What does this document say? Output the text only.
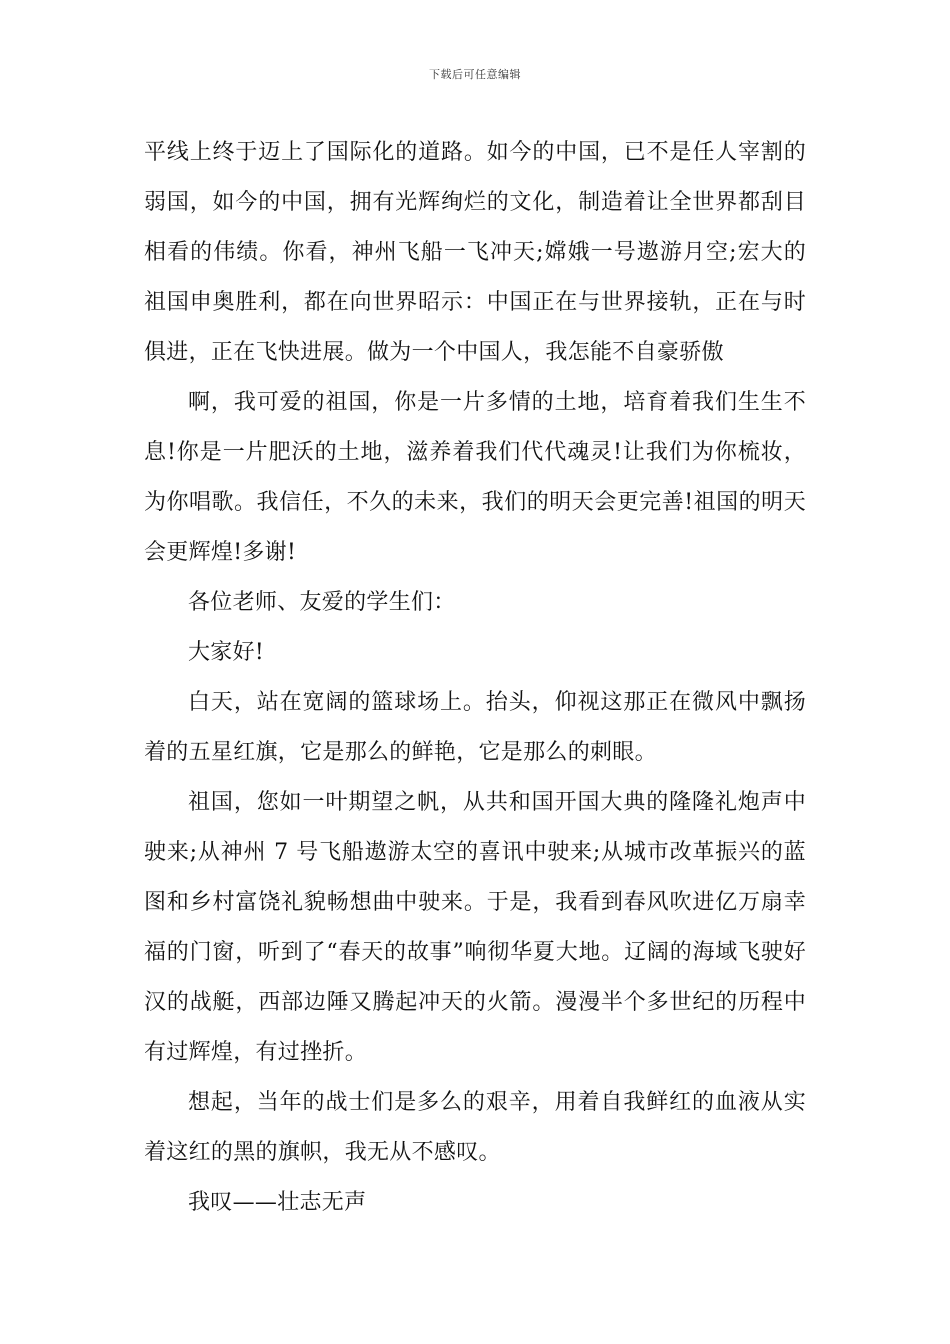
下载后可任意编辑

平线上终于迈上了国际化的道路。如今的中国，已不是任人宰割的弱国，如今的中国，拥有光辉绚烂的文化，制造着让全世界都刮目相看的伟绩。你看，神州飞船一飞冲天;嫦娥一号遨游月空;宏大的祖国申奥胜利，都在向世界昭示：中国正在与世界接轨，正在与时俱进，正在飞快进展。做为一个中国人，我怎能不自豪骄傲

啊，我可爱的祖国，你是一片多情的土地，培育着我们生生不息!你是一片肥沃的土地，滋养着我们代代魂灵!让我们为你梳妆，为你唱歌。我信任，不久的未来，我们的明天会更完善!祖国的明天会更辉煌!多谢!

各位老师、友爱的学生们：

大家好!

白天，站在宽阔的篮球场上。抬头，仰视这那正在微风中飘扬着的五星红旗，它是那么的鲜艳，它是那么的刺眼。

祖国，您如一叶期望之帆，从共和国开国大典的隆隆礼炮声中驶来;从神州 7 号飞船遨游太空的喜讯中驶来;从城市改革振兴的蓝图和乡村富饶礼貌畅想曲中驶来。于是，我看到春风吹进亿万扇幸福的门窗，听到了“春天的故事”响彻华夏大地。辽阔的海域飞驶好汉的战艇，西部边陲又腾起冲天的火箭。漫漫半个多世纪的历程中有过辉煌，有过挫折。

想起，当年的战士们是多么的艰辛，用着自我鲜红的血液从实着这红的黑的旗帜，我无从不感叹。

我叹——壮志无声
